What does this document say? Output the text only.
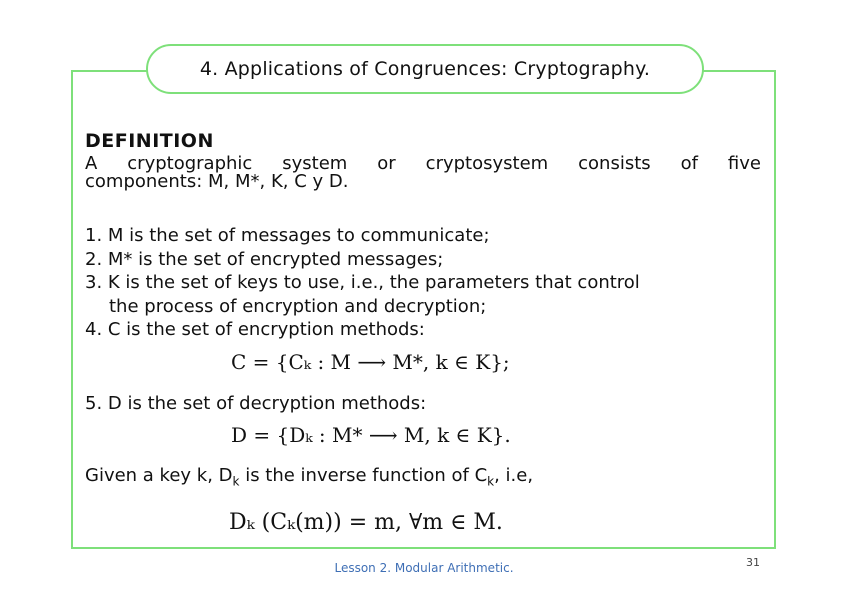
4. Applications of Congruences: Cryptography.
DEFINITION
A cryptographic system or cryptosystem consists of five
components: M, M*, K, C y D.
1. M is the set of messages to communicate;
2. M* is the set of encrypted messages;
3. K is the set of keys to use, i.e., the parameters that control
the process of encryption and decryption;
4. C is the set of encryption methods:
C = {Cₖ : M ⟶ M*, k ∈ K};
5. D is the set of decryption methods:
D = {Dₖ : M* ⟶ M, k ∈ K}.
Given a key k, $D_k$ is the inverse function of $C_k$, i.e,
Dₖ (Cₖ(m)) = m, ∀m ∈ M.
Lesson 2. Modular Arithmetic.	31
